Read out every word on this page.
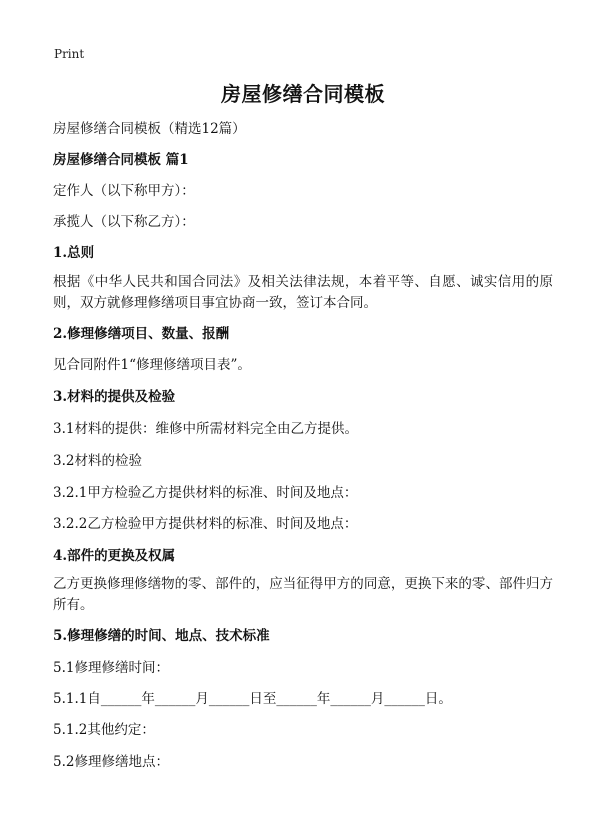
Print
房屋修缮合同模板
房屋修缮合同模板（精选12篇）
房屋修缮合同模板 篇1
定作人（以下称甲方）：
承揽人（以下称乙方）：
1.总则
根据《中华人民共和国合同法》及相关法律法规，本着平等、自愿、诚实信用的原则，双方就修理修缮项目事宜协商一致，签订本合同。
2.修理修缮项目、数量、报酬
见合同附件1“修理修缮项目表”。
3.材料的提供及检验
3.1材料的提供：维修中所需材料完全由乙方提供。
3.2材料的检验
3.2.1甲方检验乙方提供材料的标准、时间及地点：
3.2.2乙方检验甲方提供材料的标准、时间及地点：
4.部件的更换及权属
乙方更换修理修缮物的零、部件的，应当征得甲方的同意，更换下来的零、部件归方所有。
5.修理修缮的时间、地点、技术标准
5.1修理修缮时间：
5.1.1自______年______月______日至______年______月______日。
5.1.2其他约定：
5.2修理修缮地点：
